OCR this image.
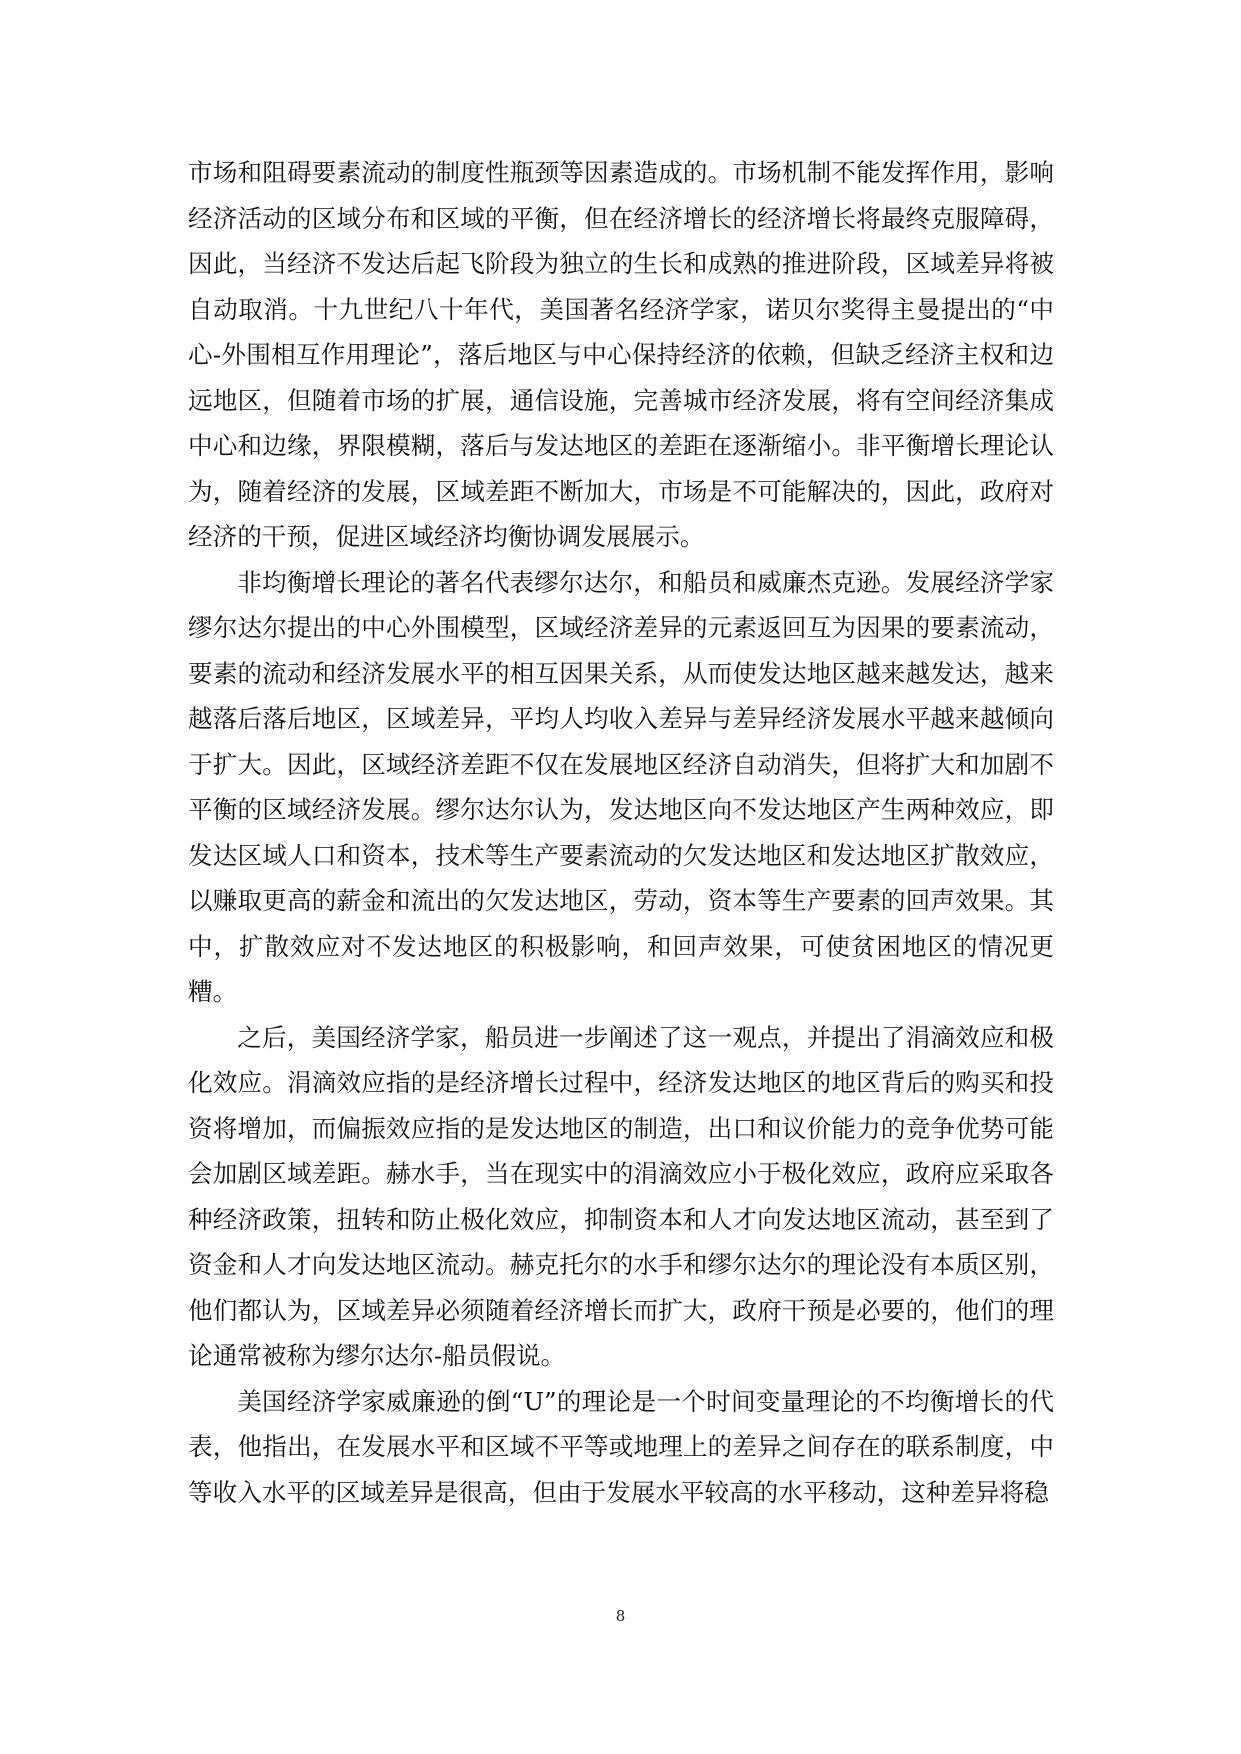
市场和阻碍要素流动的制度性瓶颈等因素造成的。市场机制不能发挥作用，影响经济活动的区域分布和区域的平衡，但在经济增长的经济增长将最终克服障碍，因此，当经济不发达后起飞阶段为独立的生长和成熟的推进阶段，区域差异将被自动取消。十九世纪八十年代，美国著名经济学家，诺贝尔奖得主曼提出的“中心-外围相互作用理论”，落后地区与中心保持经济的依赖，但缺乏经济主权和边远地区，但随着市场的扩展，通信设施，完善城市经济发展，将有空间经济集成中心和边缘，界限模糊，落后与发达地区的差距在逐渐缩小。非平衡增长理论认为，随着经济的发展，区域差距不断加大，市场是不可能解决的，因此，政府对经济的干预，促进区域经济均衡协调发展展示。

非均衡增长理论的著名代表缪尔达尔，和船员和威廉杰克逊。发展经济学家缪尔达尔提出的中心外围模型，区域经济差异的元素返回互为因果的要素流动，要素的流动和经济发展水平的相互因果关系，从而使发达地区越来越发达，越来越落后落后地区，区域差异，平均人均收入差异与差异经济发展水平越来越倾向于扩大。因此，区域经济差距不仅在发展地区经济自动消失，但将扩大和加剧不平衡的区域经济发展。缪尔达尔认为，发达地区向不发达地区产生两种效应，即发达区域人口和资本，技术等生产要素流动的欠发达地区和发达地区扩散效应，以赚取更高的薪金和流出的欠发达地区，劳动，资本等生产要素的回声效果。其中，扩散效应对不发达地区的积极影响，和回声效果，可使贫困地区的情况更糟。

之后，美国经济学家，船员进一步阐述了这一观点，并提出了涓滴效应和极化效应。涓滴效应指的是经济增长过程中，经济发达地区的地区背后的购买和投资将增加，而偏振效应指的是发达地区的制造，出口和议价能力的竞争优势可能会加剧区域差距。赫水手，当在现实中的涓滴效应小于极化效应，政府应采取各种经济政策，扭转和防止极化效应，抑制资本和人才向发达地区流动，甚至到了资金和人才向发达地区流动。赫克托尔的水手和缪尔达尔的理论没有本质区别，他们都认为，区域差异必须随着经济增长而扩大，政府干预是必要的，他们的理论通常被称为缪尔达尔-船员假说。

美国经济学家威廉逊的倒“U”的理论是一个时间变量理论的不均衡增长的代表，他指出，在发展水平和区域不平等或地理上的差异之间存在的联系制度，中等收入水平的区域差异是很高，但由于发展水平较高的水平移动，这种差异将稳

8
